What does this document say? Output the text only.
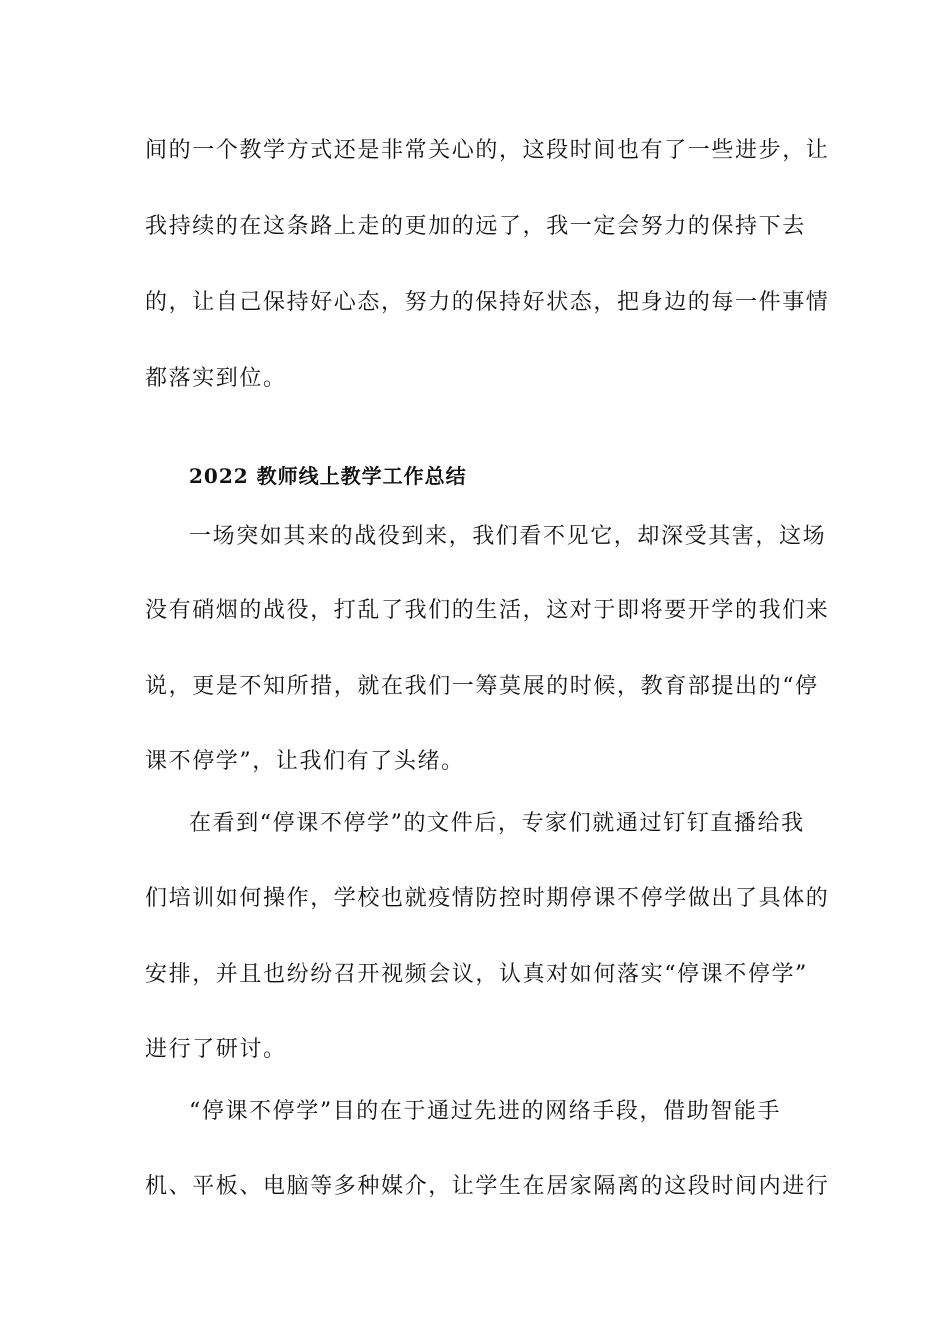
间的一个教学方式还是非常关心的，这段时间也有了一些进步，让
我持续的在这条路上走的更加的远了，我一定会努力的保持下去
的，让自己保持好心态，努力的保持好状态，把身边的每一件事情
都落实到位。
2022 教师线上教学工作总结
一场突如其来的战役到来，我们看不见它，却深受其害，这场
没有硝烟的战役，打乱了我们的生活，这对于即将要开学的我们来
说，更是不知所措，就在我们一筹莫展的时候，教育部提出的“停
课不停学”，让我们有了头绪。
在看到“停课不停学”的文件后，专家们就通过钉钉直播给我
们培训如何操作，学校也就疫情防控时期停课不停学做出了具体的
安排，并且也纷纷召开视频会议，认真对如何落实“停课不停学”
进行了研讨。
“停课不停学”目的在于通过先进的网络手段，借助智能手
机、平板、电脑等多种媒介，让学生在居家隔离的这段时间内进行
